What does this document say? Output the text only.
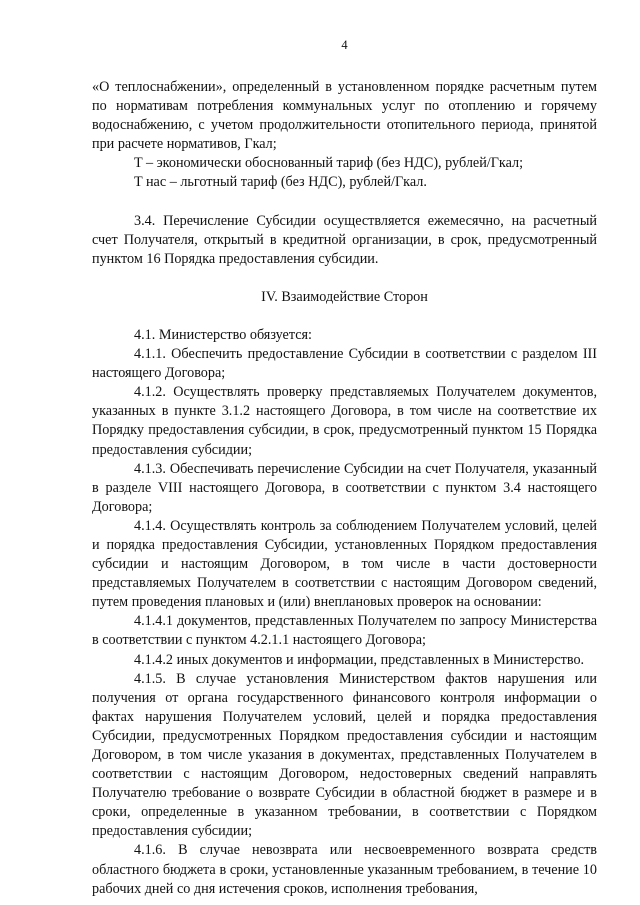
4

«О теплоснабжении», определенный в установленном порядке расчетным путем по нормативам потребления коммунальных услуг по отоплению и горячему водоснабжению, с учетом продолжительности отопительного периода, принятой при расчете нормативов, Гкал;

T – экономически обоснованный тариф (без НДС), рублей/Гкал;

T нас – льготный тариф (без НДС), рублей/Гкал.

3.4. Перечисление Субсидии осуществляется ежемесячно, на расчетный счет Получателя, открытый в кредитной организации, в срок, предусмотренный пунктом 16 Порядка предоставления субсидии.

IV. Взаимодействие Сторон

4.1. Министерство обязуется:

4.1.1. Обеспечить предоставление Субсидии в соответствии с разделом III настоящего Договора;

4.1.2. Осуществлять проверку представляемых Получателем документов, указанных в пункте 3.1.2 настоящего Договора, в том числе на соответствие их Порядку предоставления субсидии, в срок, предусмотренный пунктом 15 Порядка предоставления субсидии;

4.1.3. Обеспечивать перечисление Субсидии на счет Получателя, указанный в разделе VIII настоящего Договора, в соответствии с пунктом 3.4 настоящего Договора;

4.1.4. Осуществлять контроль за соблюдением Получателем условий, целей и порядка предоставления Субсидии, установленных Порядком предоставления субсидии и настоящим Договором, в том числе в части достоверности представляемых Получателем в соответствии с настоящим Договором сведений, путем проведения плановых и (или) внеплановых проверок на основании:

4.1.4.1 документов, представленных Получателем по запросу Министерства в соответствии с пунктом 4.2.1.1 настоящего Договора;

4.1.4.2 иных документов и информации, представленных в Министерство.

4.1.5. В случае установления Министерством фактов нарушения или получения от органа государственного финансового контроля информации о фактах нарушения Получателем условий, целей и порядка предоставления Субсидии, предусмотренных Порядком предоставления субсидии и настоящим Договором, в том числе указания в документах, представленных Получателем в соответствии с настоящим Договором, недостоверных сведений направлять Получателю требование о возврате Субсидии в областной бюджет в размере и в сроки, определенные в указанном требовании, в соответствии с Порядком предоставления субсидии;

4.1.6. В случае невозврата или несвоевременного возврата средств областного бюджета в сроки, установленные указанным требованием, в течение 10 рабочих дней со дня истечения сроков, исполнения требования,
